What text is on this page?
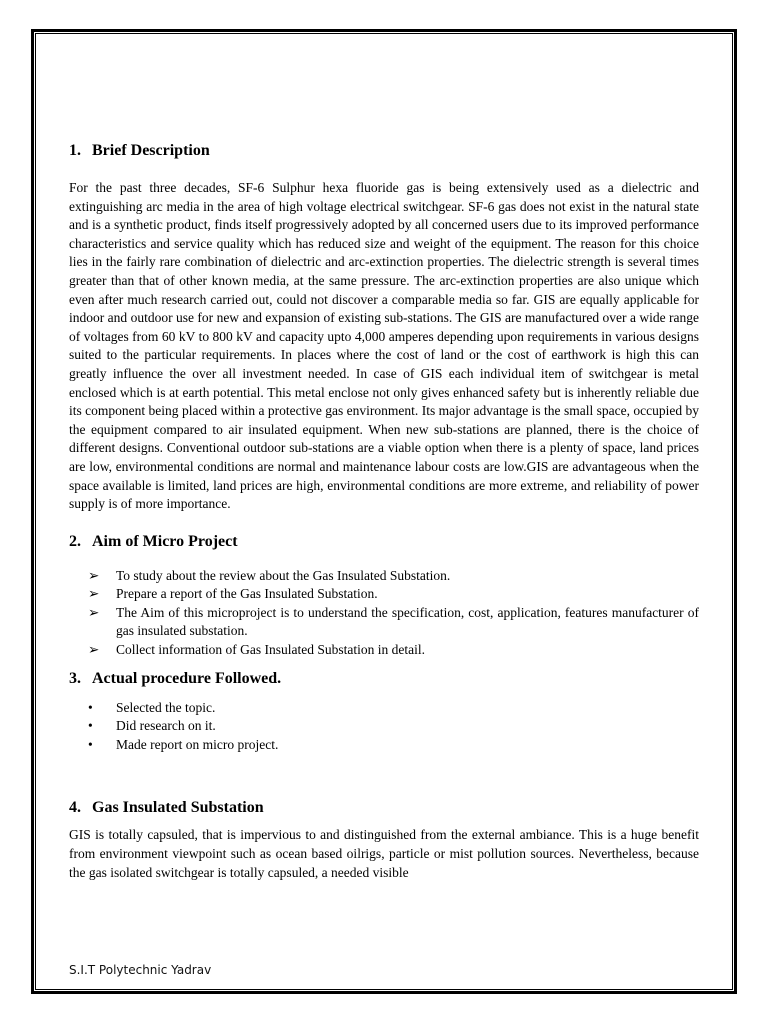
1. Brief Description

For the past three decades, SF-6 Sulphur hexa fluoride gas is being extensively used as a dielectric and extinguishing arc media in the area of high voltage electrical switchgear. SF-6 gas does not exist in the natural state and is a synthetic product, finds itself progressively adopted by all concerned users due to its improved performance characteristics and service quality which has reduced size and weight of the equipment. The reason for this choice lies in the fairly rare combination of dielectric and arc-extinction properties. The dielectric strength is several times greater than that of other known media, at the same pressure. The arc-extinction properties are also unique which even after much research carried out, could not discover a comparable media so far. GIS are equally applicable for indoor and outdoor use for new and expansion of existing sub-stations. The GIS are manufactured over a wide range of voltages from 60 kV to 800 kV and capacity upto 4,000 amperes depending upon requirements in various designs suited to the particular requirements. In places where the cost of land or the cost of earthwork is high this can greatly influence the over all investment needed. In case of GIS each individual item of switchgear is metal enclosed which is at earth potential. This metal enclose not only gives enhanced safety but is inherently reliable due its component being placed within a protective gas environment. Its major advantage is the small space, occupied by the equipment compared to air insulated equipment. When new sub-stations are planned, there is the choice of different designs. Conventional outdoor sub-stations are a viable option when there is a plenty of space, land prices are low, environmental conditions are normal and maintenance labour costs are low.GIS are advantageous when the space available is limited, land prices are high, environmental conditions are more extreme, and reliability of power supply is of more importance.

2. Aim of Micro Project
➢	To study about the review about the Gas Insulated Substation.
➢	Prepare a report of the Gas Insulated Substation.
➢	The Aim of this microproject is to understand the specification, cost, application, features manufacturer of gas insulated substation.
➢	Collect information of Gas Insulated Substation in detail.
3. Actual procedure Followed.
•	Selected the topic.
•	Did research on it.
•	Made report on micro project.
4. Gas Insulated Substation

GIS is totally capsuled, that is impervious to and distinguished from the external ambiance. This is a huge benefit from environment viewpoint such as ocean based oilrigs, particle or mist pollution sources. Nevertheless, because the gas isolated switchgear is totally capsuled, a needed visible

S.I.T Polytechnic Yadrav
